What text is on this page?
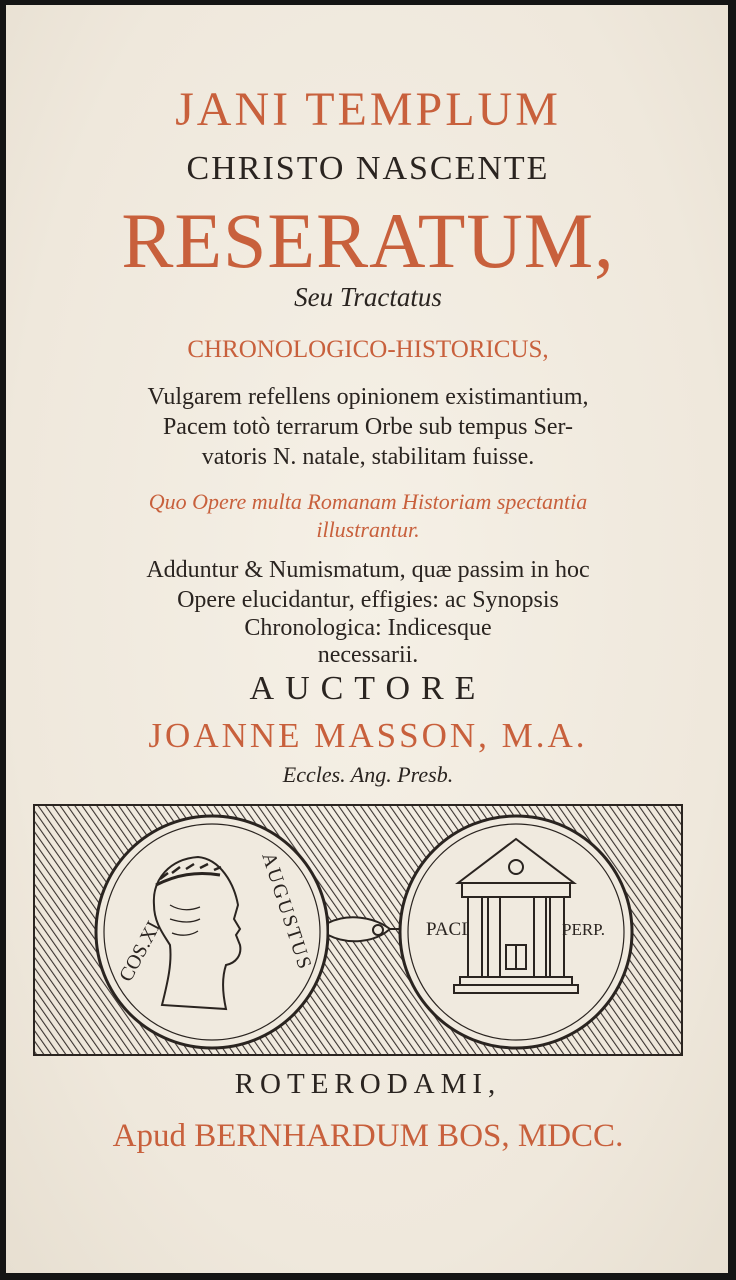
JANI TEMPLUM
CHRISTO NASCENTE
RESERATUM,
Seu Tractatus
CHRONOLOGICO-HISTORICUS,
Vulgarem refellens opinionem existimantium,
Pacem totò terrarum Orbe sub tempus Ser-
vatoris N. natale, stabilitam fuisse.
Quo Opere multa Romanam Historiam spectantia
illustrantur.
Adduntur & Numismatum, quæ passim in hoc
Opere elucidantur, effigies: ac Synopsis
Chronologica: Indicesque
necessarii.
AUCTORE
JOANNE MASSON, M.A.
Eccles. Ang. Presb.
COS.XI	AUGUSTUS	PACI	PERP.
ROTERODAMI,
Apud BERNHARDUM BOS, MDCC.
